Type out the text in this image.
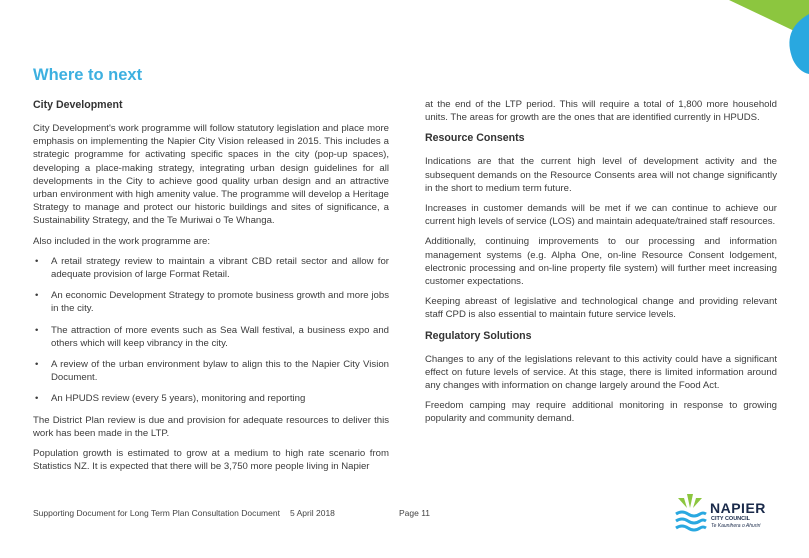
Where to next
City Development

City Development's work programme will follow statutory legislation and place more emphasis on implementing the Napier City Vision released in 2015. This includes a strategic programme for activating specific spaces in the city (pop-up spaces), developing a place-making strategy, integrating urban design guidelines for all developments in the City to achieve good quality urban design and an attractive urban environment with high amenity value. The programme will develop a Heritage Strategy to manage and protect our historic buildings and sites of significance, a Sustainability Strategy, and the Te Muriwai o Te Whanga.

Also included in the work programme are:

• A retail strategy review to maintain a vibrant CBD retail sector and allow for adequate provision of large Format Retail.
• An economic Development Strategy to promote business growth and more jobs in the city.
• The attraction of more events such as Sea Wall festival, a business expo and others which will keep vibrancy in the city.
• A review of the urban environment bylaw to align this to the Napier City Vision Document.
• An HPUDS review (every 5 years), monitoring and reporting

The District Plan review is due and provision for adequate resources to deliver this work has been made in the LTP.

Population growth is estimated to grow at a medium to high rate scenario from Statistics NZ. It is expected that there will be 3,750 more people living in Napier

at the end of the LTP period. This will require a total of 1,800 more household units. The areas for growth are the ones that are identified currently in HPUDS.

Resource Consents

Indications are that the current high level of development activity and the subsequent demands on the Resource Consents area will not change significantly in the short to medium term future.

Increases in customer demands will be met if we can continue to achieve our current high levels of service (LOS) and maintain adequate/trained staff resources.

Additionally, continuing improvements to our processing and information management systems (e.g. Alpha One, on-line Resource Consent lodgement, electronic processing and on-line property file system) will further meet increasing customer expectations.

Keeping abreast of legislative and technological change and providing relevant staff CPD is also essential to maintain future service levels.

Regulatory Solutions

Changes to any of the legislations relevant to this activity could have a significant effect on future levels of service. At this stage, there is limited information around any changes with information on change largely around the Food Act.

Freedom camping may require additional monitoring in response to growing popularity and community demand.

Supporting Document for Long Term Plan Consultation Document 5 April 2018	Page 11	NAPIER
CITY COUNCIL
Te Kaunihera o Ahuriri
